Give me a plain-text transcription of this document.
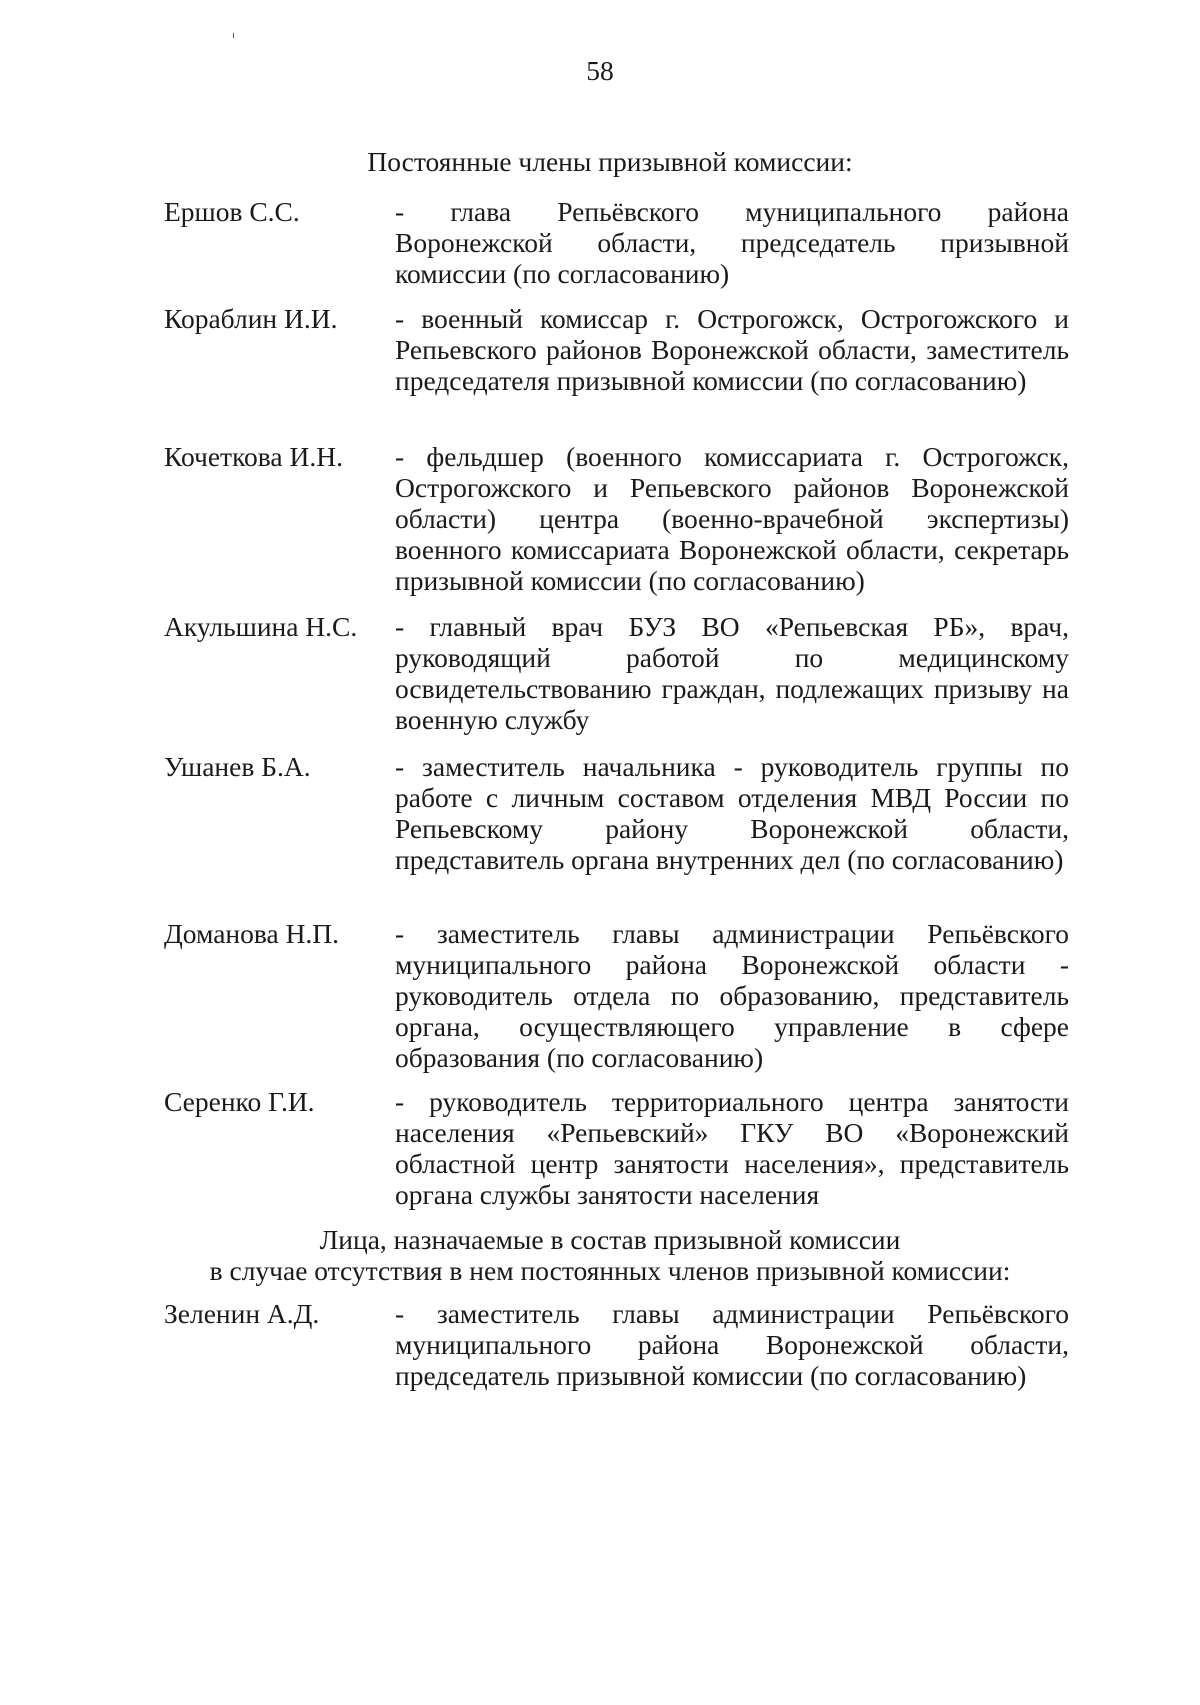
58
Постоянные члены призывной комиссии:
Ершов С.С.	- глава Репьёвского муниципального района Воронежской области, председатель призывной комиссии (по согласованию)

Кораблин И.И. - военный комиссар г. Острогожск, Острогожского и Репьевского районов Воронежской области, заместитель председателя призывной комиссии (по согласованию)

Кочеткова И.Н. - фельдшер (военного комиссариата г. Острогожск, Острогожского и Репьевского районов Воронежской области) центра (военно-врачебной экспертизы) военного комиссариата Воронежской области, секретарь призывной комиссии (по согласованию)

Акульшина Н.С. - главный врач БУЗ ВО «Репьевская РБ», врач, руководящий работой по медицинскому освидетельствованию граждан, подлежащих призыву на военную службу

Ушанев Б.А.	- заместитель начальника - руководитель группы по работе с личным составом отделения МВД России по Репьевскому району Воронежской области, представитель органа внутренних дел (по согласованию)

Доманова Н.П. - заместитель главы администрации Репьёвского муниципального района Воронежской области - руководитель отдела по образованию, представитель органа, осуществляющего управление в сфере образования (по согласованию)

Серенко Г.И.	- руководитель территориального центра занятости населения «Репьевский» ГКУ ВО «Воронежский областной центр занятости населения», представитель органа службы занятости населения

Лица, назначаемые в состав призывной комиссии
в случае отсутствия в нем постоянных членов призывной комиссии:
Зеленин А.Д.	- заместитель главы администрации Репьёвского муниципального района Воронежской области, председатель призывной комиссии (по согласованию)
